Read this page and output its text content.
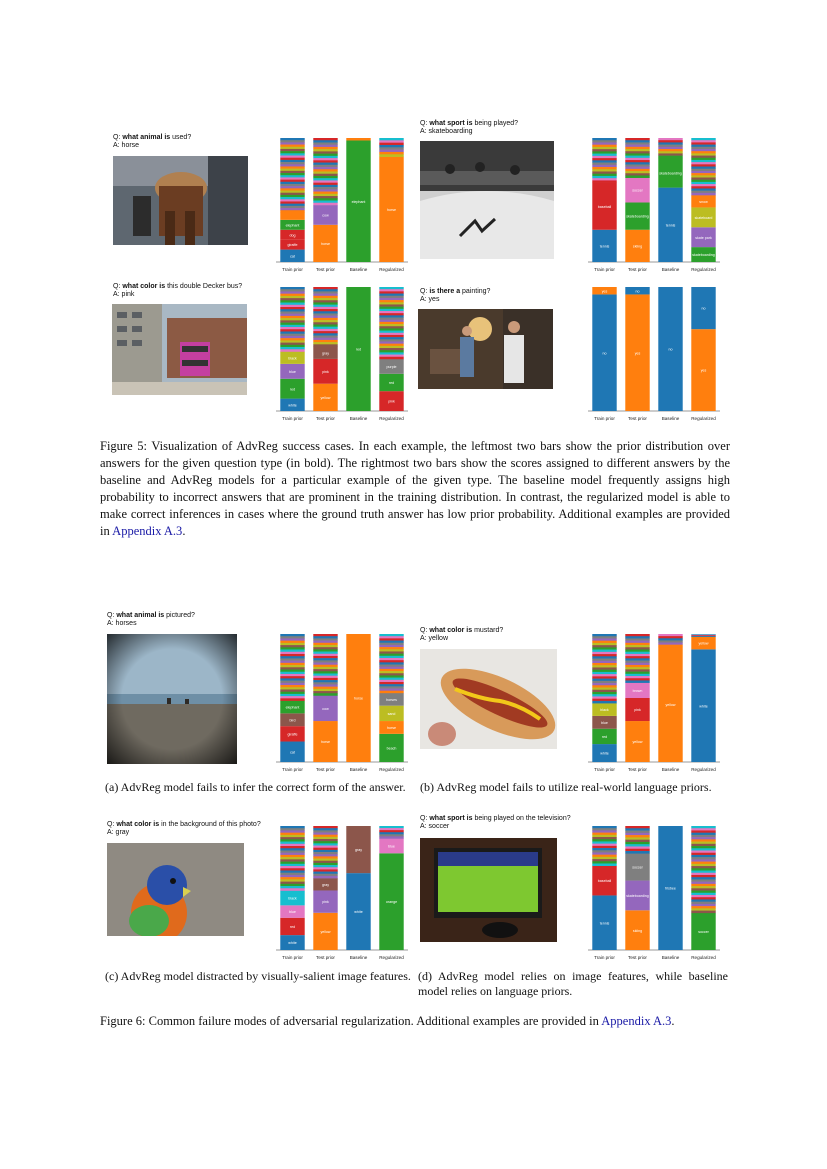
Q: what animal is used?
A: horse
cat
giraffe
dog
elephant
Train prior
horse
cow
Test prior
elephant
Baseline
horse
Regularized
Q: what sport is being played?
A: skateboarding
tennis
baseball
Train prior
skiing
skateboarding
soccer
Test prior
tennis
skateboarding
Baseline
skateboarding
skate park
skateboard
snow
Regularized
Q: what color is this double Decker bus?
A: pink
white
red
blue
black
Train prior
yellow
pink
gray
Test prior
red
Baseline
pink
red
purple
Regularized
Q: is there a painting?
A: yes
no
yes
Train prior
yes
no
Test prior
no
Baseline
yes
no
Regularized
Figure 5: Visualization of AdvReg success cases. In each example, the leftmost two bars show the prior distribution over answers for the given question type (in bold). The rightmost two bars show the scores assigned to different answers by the baseline and AdvReg models for a particular example of the given type. The baseline model frequently assigns high probability to incorrect answers that are prominent in the training distribution. In contrast, the regularized model is able to make correct inferences in cases where the ground truth answer has low prior probability. Additional examples are provided in Appendix A.3.
Q: what animal is pictured?
A: horses
cat
giraffe
bird
elephant
Train prior
horse
cow
Test prior
horse
Baseline
beach
horse
sand
horses
Regularized
Q: what color is mustard?
A: yellow
white
red
blue
black
Train prior
yellow
pink
brown
Test prior
yellow
Baseline
white
yellow
Regularized
(a) AdvReg model fails to infer the correct form of the answer.	(b) AdvReg model fails to utilize real-world language priors.
Q: what color is in the background of this photo?
A: gray
white
red
blue
black
Train prior
yellow
pink
gray
Test prior
white
gray
Baseline
orange
blue
Regularized
Q: what sport is being played on the television?
A: soccer
tennis
baseball
Train prior
skiing
skateboarding
soccer
Test prior
frisbee
Baseline
soccer
Regularized
(c) AdvReg model distracted by visually-salient image features. (d) AdvReg model relies on image features, while baseline model relies on language priors.
Figure 6: Common failure modes of adversarial regularization. Additional examples are provided in Appendix A.3.
